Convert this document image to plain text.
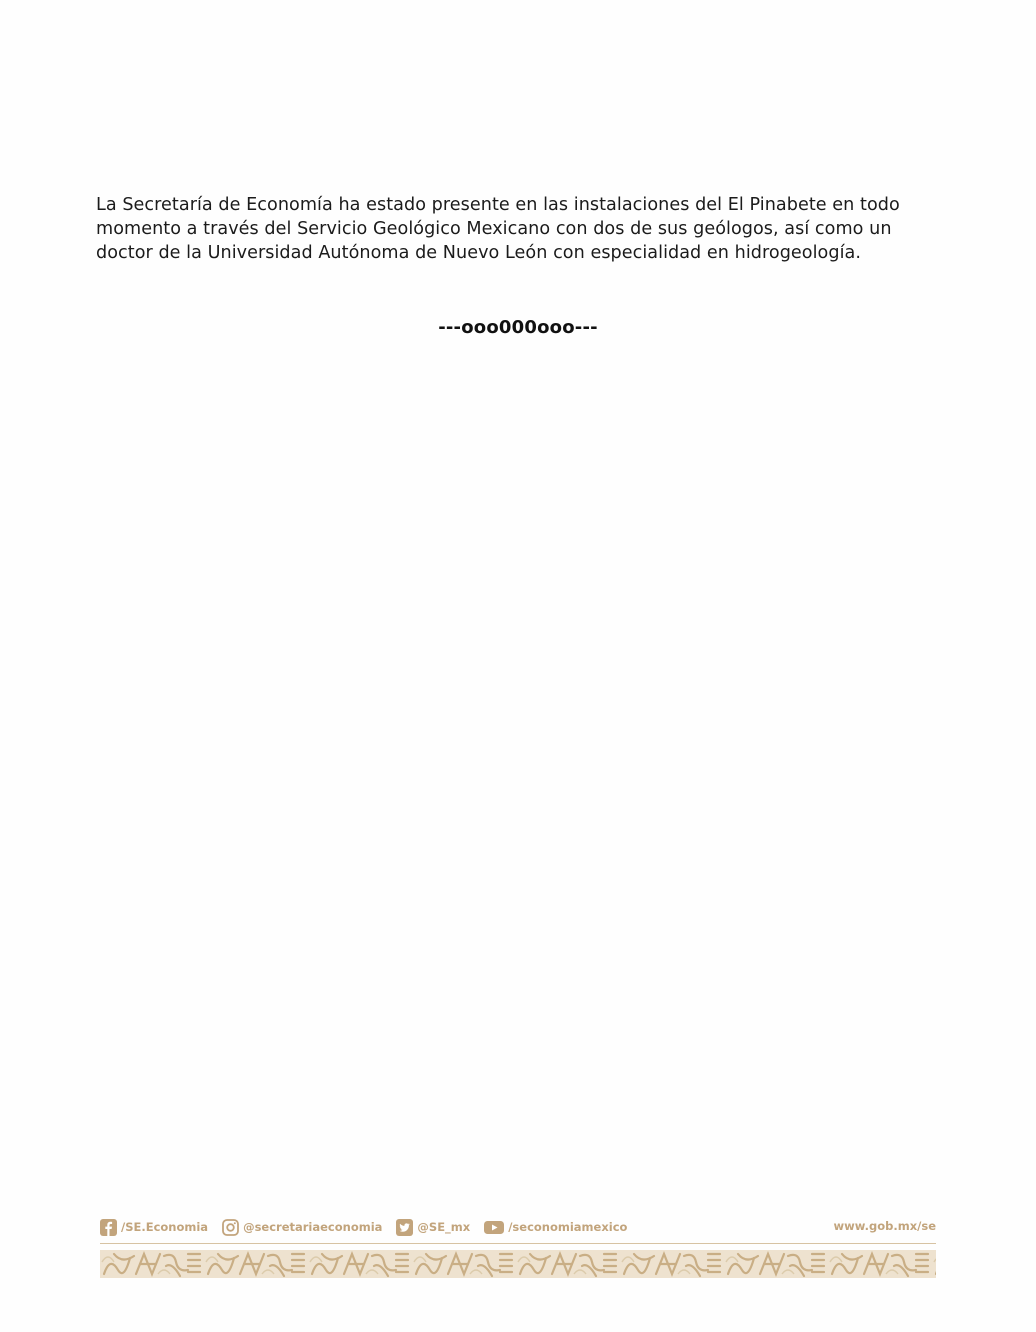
La Secretaría de Economía ha estado presente en las instalaciones del El Pinabete en todo momento a través del Servicio Geológico Mexicano con dos de sus geólogos, así como un doctor de la Universidad Autónoma de Nuevo León con especialidad en hidrogeología.

---ooo000ooo---
/SE.Economia	@secretariaeconomia	@SE_mx	/seconomiamexico	www.gob.mx/se
